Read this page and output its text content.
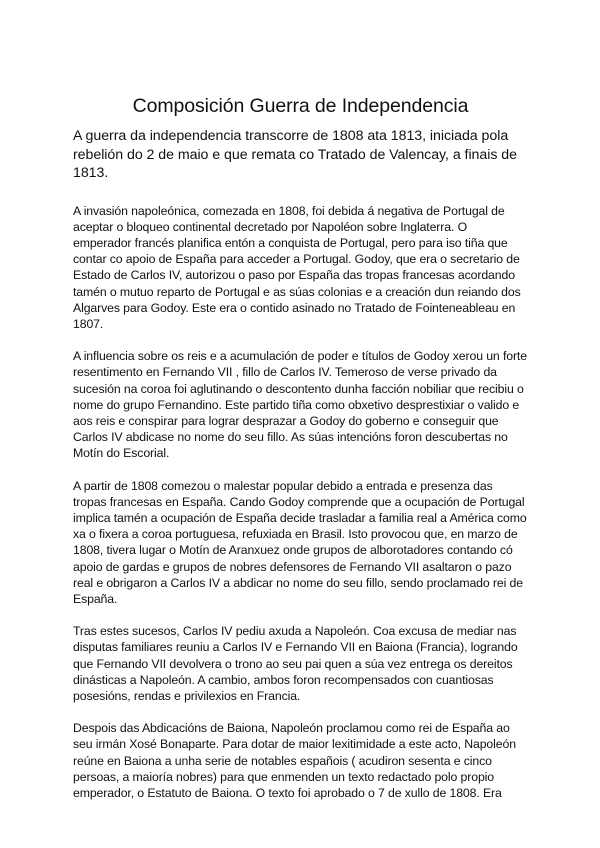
Composición Guerra de Independencia

A guerra da independencia transcorre de 1808 ata 1813, iniciada pola rebelión do 2 de maio e que remata co Tratado de Valencay, a finais de 1813.

A invasión napoleónica, comezada en 1808, foi debida á negativa de Portugal de aceptar o bloqueo continental decretado por Napoléon sobre Inglaterra. O emperador francés planifica entón a conquista de Portugal, pero para iso tiña que contar co apoio de España para acceder a Portugal. Godoy, que era o secretario de Estado de Carlos IV, autorizou o paso por España das tropas francesas acordando tamén o mutuo reparto de Portugal e as súas colonias e a creación dun reiando dos Algarves para Godoy. Este era o contido asinado no Tratado de Fointeneableau en 1807.

A influencia sobre os reis e a acumulación de poder e títulos de Godoy xerou un forte resentimento en Fernando VII , fillo de Carlos IV. Temeroso de verse privado da sucesión na coroa foi aglutinando o descontento dunha facción nobiliar que recibiu o nome do grupo Fernandino. Este partido tiña como obxetivo desprestixiar o valido e aos reis e conspirar para lograr desprazar a Godoy do goberno e conseguir que Carlos IV abdicase no nome do seu fillo. As súas intencións foron descubertas no Motín do Escorial.

A partir de 1808 comezou o malestar popular debido a entrada e presenza das tropas francesas en España. Cando Godoy comprende que a ocupación de Portugal implica tamén a ocupación de España decide trasladar a familia real a América como xa o fixera a coroa portuguesa, refuxiada en Brasil. Isto provocou que, en marzo de 1808, tivera lugar o Motín de Aranxuez onde grupos de alborotadores contando có apoio de gardas e grupos de nobres defensores de Fernando VII asaltaron o pazo real e obrigaron a Carlos IV a abdicar no nome do seu fillo, sendo proclamado rei de España.

Tras estes sucesos, Carlos IV pediu axuda a Napoleón. Coa excusa de mediar nas disputas familiares reuniu a Carlos IV e Fernando VII en Baiona (Francia), logrando que Fernando VII devolvera o trono ao seu pai quen a súa vez entrega os dereitos dinásticas a Napoleón. A cambio, ambos foron recompensados con cuantiosas posesións, rendas e privilexios en Francia.

Despois das Abdicacións de Baiona, Napoleón proclamou como rei de España ao seu irmán Xosé Bonaparte. Para dotar de maior lexitimidade a este acto, Napoleón reúne en Baiona a unha serie de notables españois ( acudiron sesenta e cinco persoas, a maioría nobres) para que enmenden un texto redactado polo propio emperador, o Estatuto de Baiona. O texto foi aprobado o 7 de xullo de 1808. Era
